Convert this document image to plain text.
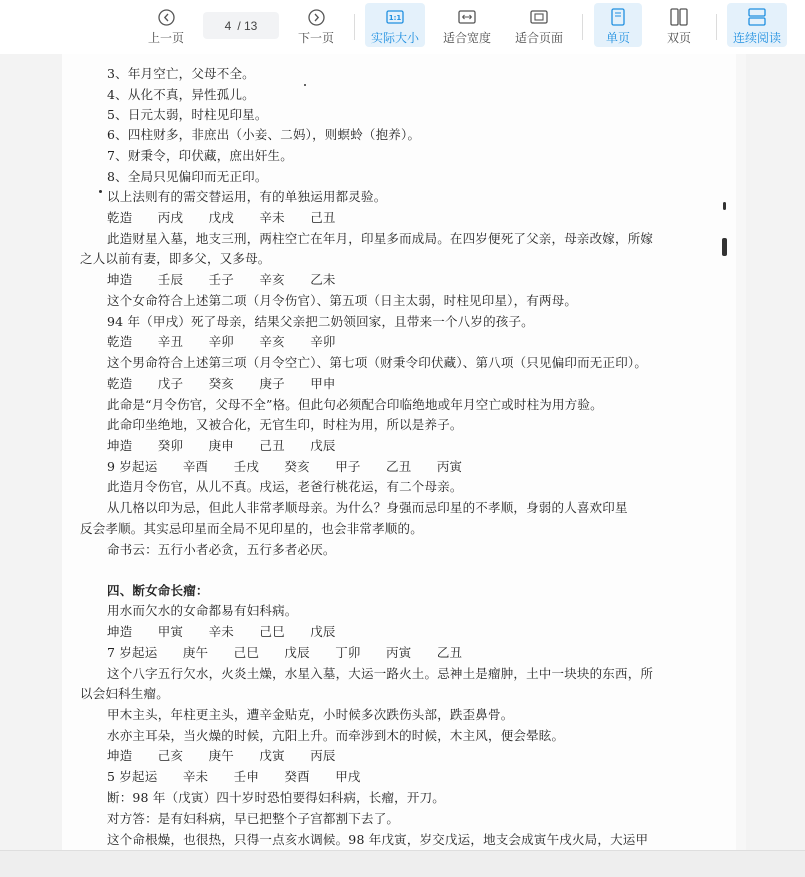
上一页
4 / 13
下一页
1:1
实际大小 适合宽度 适合页面	单页	双页	连续阅读
3、年月空亡，父母不全。
4、从化不真，异性孤儿。
5、日元太弱，时柱见印星。
6、四柱财多，非庶出（小妾、二妈），则螟蛉（抱养）。
7、财秉令，印伏藏，庶出奸生。
8、全局只见偏印而无正印。
以上法则有的需交替运用，有的单独运用都灵验。
乾造　　丙戌　　戊戌　　辛未　　己丑
此造财星入墓，地支三刑，两柱空亡在年月，印星多而成局。在四岁便死了父亲，母亲改嫁，所嫁
之人以前有妻，即多父，又多母。
坤造　　壬辰　　壬子　　辛亥　　乙未
这个女命符合上述第二项（月令伤官）、第五项（日主太弱，时柱见印星），有两母。
94 年（甲戌）死了母亲，结果父亲把二奶领回家，且带来一个八岁的孩子。
乾造　　辛丑　　辛卯　　辛亥　　辛卯
这个男命符合上述第三项（月令空亡）、第七项（财秉令印伏藏）、第八项（只见偏印而无正印）。
乾造　　戊子　　癸亥　　庚子　　甲申
此命是“月令伤官，父母不全”格。但此句必须配合印临绝地或年月空亡或时柱为用方验。
此命印坐绝地，又被合化，无官生印，时柱为用，所以是养子。
坤造　　癸卯　　庚申　　己丑　　戊辰
9 岁起运　　辛酉　　壬戌　　癸亥　　甲子　　乙丑　　丙寅
此造月令伤官，从儿不真。戌运，老爸行桃花运，有二个母亲。
从几格以印为忌，但此人非常孝顺母亲。为什么？身强而忌印星的不孝顺，身弱的人喜欢印星
反会孝顺。其实忌印星而全局不见印星的，也会非常孝顺的。
命书云：五行小者必贪，五行多者必厌。
四、断女命长瘤：
用水而欠水的女命都易有妇科病。
坤造　　甲寅　　辛未　　己巳　　戊辰
7 岁起运　　庚午　　己巳　　戊辰　　丁卯　　丙寅　　乙丑
这个八字五行欠水，火炎土燥，水星入墓，大运一路火土。忌神土是瘤肿，土中一块块的东西，所
以会妇科生瘤。
甲木主头，年柱更主头，遭辛金贴克，小时候多次跌伤头部，跌歪鼻骨。
水亦主耳朵，当火燥的时候，亢阳上升。而牵涉到木的时候，木主风，便会晕眩。
坤造　　己亥　　庚午　　戊寅　　丙辰
5 岁起运　　辛未　　壬申　　癸酉　　甲戌
断：98 年（戊寅）四十岁时恐怕要得妇科病，长瘤，开刀。
对方答：是有妇科病，早已把整个子宫都割下去了。
这个命根燥，也很热，只得一点亥水调候。98 年戊寅，岁交戊运，地支会成寅午戌火局，大运甲
